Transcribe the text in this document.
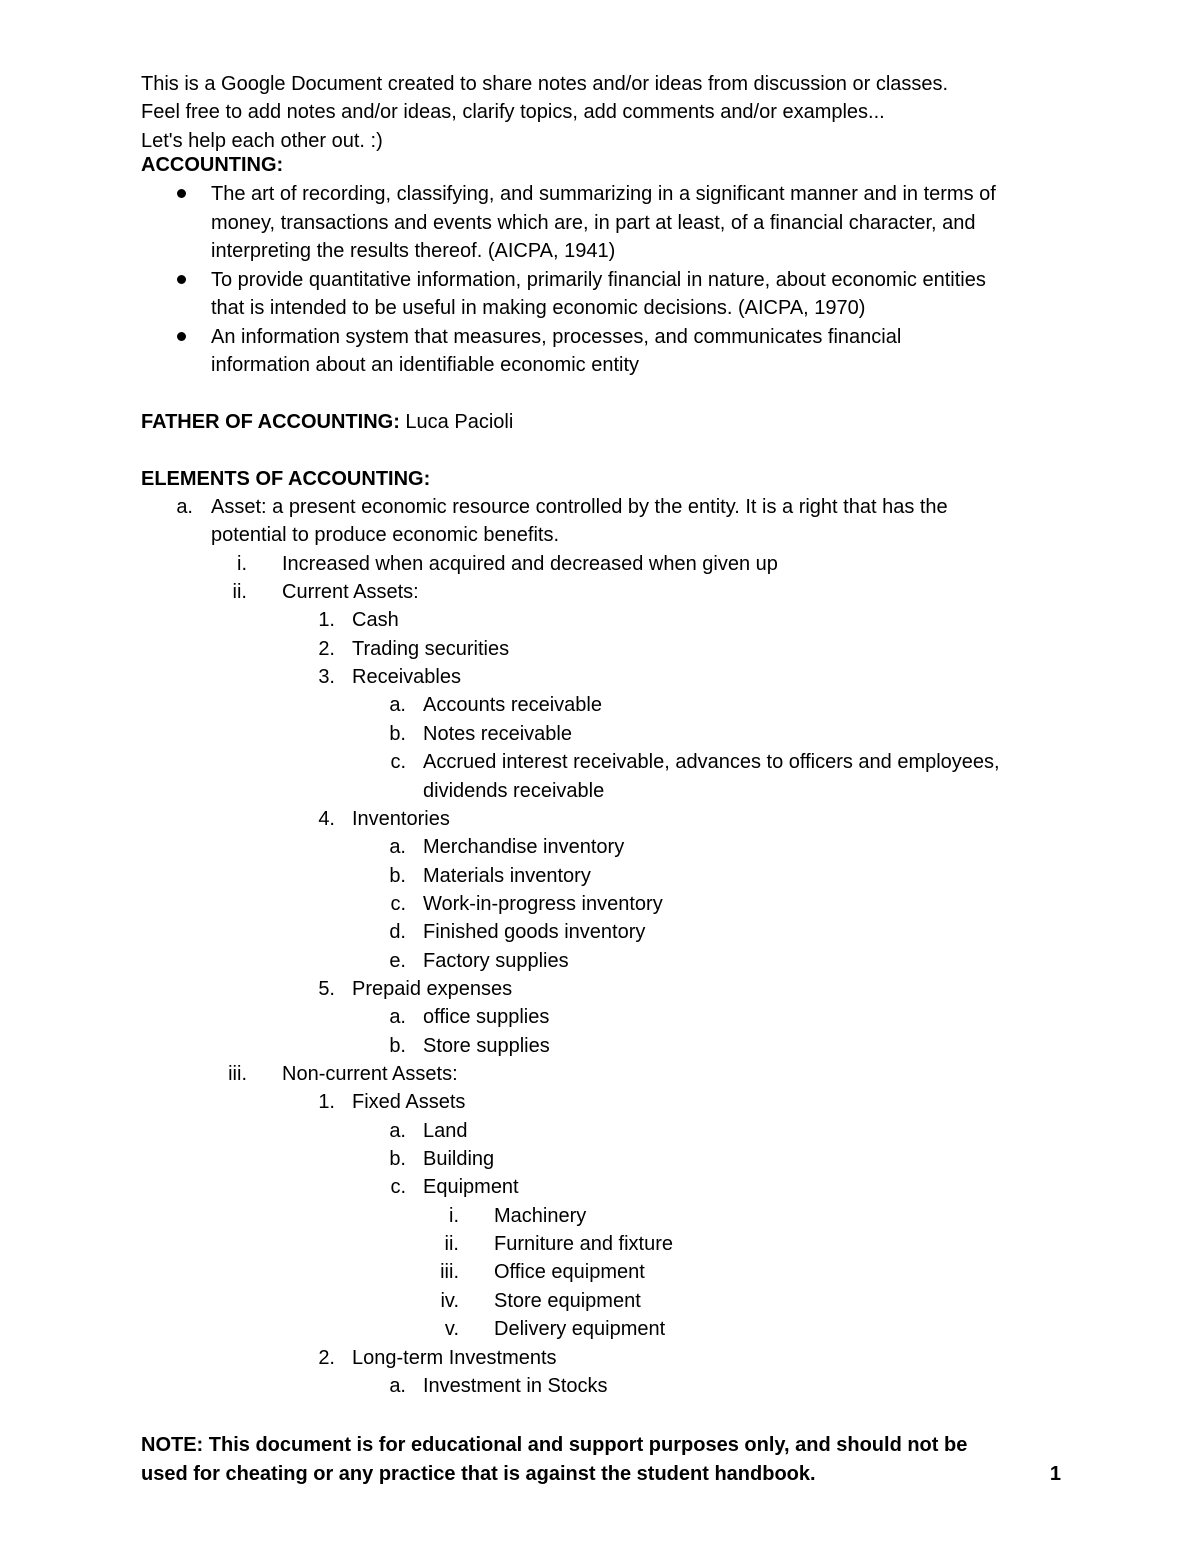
This is a Google Document created to share notes and/or ideas from discussion or classes.
Feel free to add notes and/or ideas, clarify topics, add comments and/or examples...
Let's help each other out. :)
ACCOUNTING:
The art of recording, classifying, and summarizing in a significant manner and in terms of
money, transactions and events which are, in part at least, of a financial character, and
interpreting the results thereof. (AICPA, 1941)
To provide quantitative information, primarily financial in nature, about economic entities
that is intended to be useful in making economic decisions. (AICPA, 1970)
An information system that measures, processes, and communicates financial
information about an identifiable economic entity
FATHER OF ACCOUNTING: Luca Pacioli
ELEMENTS OF ACCOUNTING:
a. Asset: a present economic resource controlled by the entity. It is a right that has the
potential to produce economic benefits.
i. Increased when acquired and decreased when given up
ii. Current Assets:
1. Cash
2. Trading securities
3. Receivables
a. Accounts receivable
b. Notes receivable
c. Accrued interest receivable, advances to officers and employees,
dividends receivable
4. Inventories
a. Merchandise inventory
b. Materials inventory
c. Work-in-progress inventory
d. Finished goods inventory
e. Factory supplies
5. Prepaid expenses
a. office supplies
b. Store supplies
iii. Non-current Assets:
1. Fixed Assets
a. Land
b. Building
c. Equipment
i. Machinery
ii. Furniture and fixture
iii. Office equipment
iv. Store equipment
v. Delivery equipment
2. Long-term Investments
a. Investment in Stocks
NOTE: This document is for educational and support purposes only, and should not be
used for cheating or any practice that is against the student handbook.	1
